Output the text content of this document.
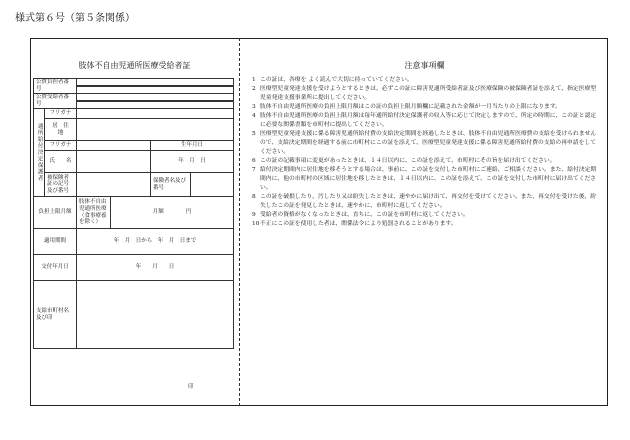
様式第６号（第５条関係）
肢体不自由児通所医療受給者証	注意事項欄
公費負担者番号	

公費受給者番号	

通所給付決定保護者
	フリガナ	
居　住　地	
フリガナ		生年月日
氏　　名		年　月　日
被保険者証の記号及び番号		保険者名及び番号	

負担上限月額	肢体不自由児通所医療（食事療養を除く）	月額　　　　円
適用期間	年　月　日から　年　月　日まで
交付年月日	年　　月　　日
支給市町村名及び印	
1 この証は、各療を よく読んで大切に持っていてください。
2 医療型児童発達支援を受けようとするときは、必ずこの証に障害児通所受給者証及び医療保険の被保険者証を添えて、指定医療型児童発達支援事業所に提出してください。
3 肢体不自由児通所医療の負担上限月額はこの証の負担上限月額欄に記載された金額が一月当たりの上限になります。
4 肢体不自由児通所医療の負担上限月額は毎年通所給付決定保護者の収入等に応じて決定しますので、所定の時期に、この証と認定に必要な関係書類を市町村に提出してください。
5 医療型児童発達支援に係る障害児通所給付費の支給決定期間を経過したときは、肢体不自由児通所医療費の支給を受けられませんので、支給決定期間を経過する前に市町村にこの証を添えて、医療型児童発達支援に係る障害児通所給付費の支給の再申請をしてください。
6 この証の記載事項に変更があったときは、１４日以内に、この証を添えて、市町村にその旨を届け出てください。
7 給付決定期間内に居住地を移そうとする場合は、事前に、この証を交付した市町村にご連絡、ご相談ください。また、給付決定期間内に、他の市町村の区域に居住地を移したときは、１４日以内に、この証を添えて、この証を交付した市町村に届け出てください。
8 この証を破損したり、汚したり又は紛失したときは、速やかに届け出て、再交付を受けてください。また、再交付を受けた後、紛失したこの証を発見したときは、速やかに、市町村に返してください。
9 受給者の資格がなくなったときは、直ちに、この証を市町村に返してください。
10 不正にこの証を使用した者は、関係法令により処罰されることがあります。
印
